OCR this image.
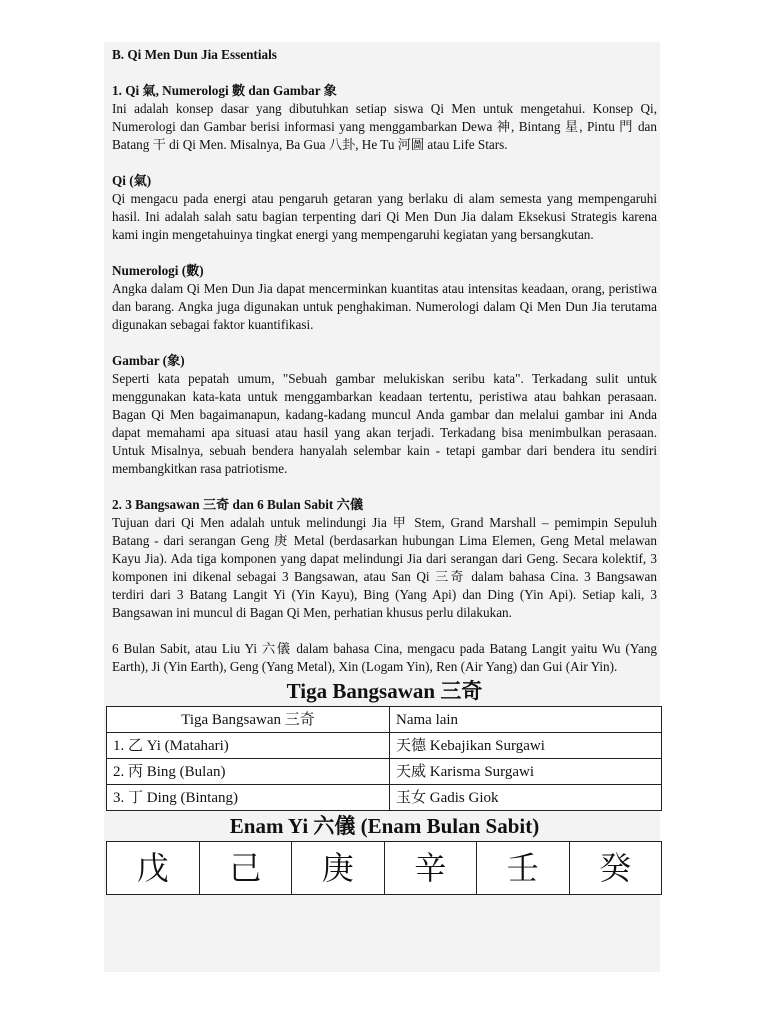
B. Qi Men Dun Jia Essentials
1. Qi 氣, Numerologi 數 dan Gambar 象

Ini adalah konsep dasar yang dibutuhkan setiap siswa Qi Men untuk mengetahui. Konsep Qi, Numerologi dan Gambar berisi informasi yang menggambarkan Dewa 神, Bintang 星, Pintu 門 dan Batang 干 di Qi Men. Misalnya, Ba Gua 八卦, He Tu 河圖 atau Life Stars.

Qi (氣)

Qi mengacu pada energi atau pengaruh getaran yang berlaku di alam semesta yang mempengaruhi hasil. Ini adalah salah satu bagian terpenting dari Qi Men Dun Jia dalam Eksekusi Strategis karena kami ingin mengetahuinya tingkat energi yang mempengaruhi kegiatan yang bersangkutan.

Numerologi (數)

Angka dalam Qi Men Dun Jia dapat mencerminkan kuantitas atau intensitas keadaan, orang, peristiwa dan barang. Angka juga digunakan untuk penghakiman. Numerologi dalam Qi Men Dun Jia terutama digunakan sebagai faktor kuantifikasi.

Gambar (象)

Seperti kata pepatah umum, "Sebuah gambar melukiskan seribu kata". Terkadang sulit untuk menggunakan kata-kata untuk menggambarkan keadaan tertentu, peristiwa atau bahkan perasaan. Bagan Qi Men bagaimanapun, kadang-kadang muncul Anda gambar dan melalui gambar ini Anda dapat memahami apa situasi atau hasil yang akan terjadi. Terkadang bisa menimbulkan perasaan. Untuk Misalnya, sebuah bendera hanyalah selembar kain - tetapi gambar dari bendera itu sendiri membangkitkan rasa patriotisme.

2. 3 Bangsawan 三奇 dan 6 Bulan Sabit 六儀

Tujuan dari Qi Men adalah untuk melindungi Jia 甲 Stem, Grand Marshall – pemimpin Sepuluh Batang - dari serangan Geng 庚 Metal (berdasarkan hubungan Lima Elemen, Geng Metal melawan Kayu Jia). Ada tiga komponen yang dapat melindungi Jia dari serangan dari Geng. Secara kolektif, 3 komponen ini dikenal sebagai 3 Bangsawan, atau San Qi 三奇 dalam bahasa Cina. 3 Bangsawan terdiri dari 3 Batang Langit Yi (Yin Kayu), Bing (Yang Api) dan Ding (Yin Api). Setiap kali, 3 Bangsawan ini muncul di Bagan Qi Men, perhatian khusus perlu dilakukan.

6 Bulan Sabit, atau Liu Yi 六儀 dalam bahasa Cina, mengacu pada Batang Langit yaitu Wu (Yang Earth), Ji (Yin Earth), Geng (Yang Metal), Xin (Logam Yin), Ren (Air Yang) dan Gui (Air Yin).

Tiga Bangsawan 三奇
Tiga Bangsawan 三奇	Nama lain
1. 乙 Yi (Matahari)	天德 Kebajikan Surgawi
2. 丙 Bing (Bulan)	天威 Karisma Surgawi
3. 丁 Ding (Bintang)	玉女 Gadis Giok
Enam Yi 六儀 (Enam Bulan Sabit)
戊	己	庚	辛	壬	癸
